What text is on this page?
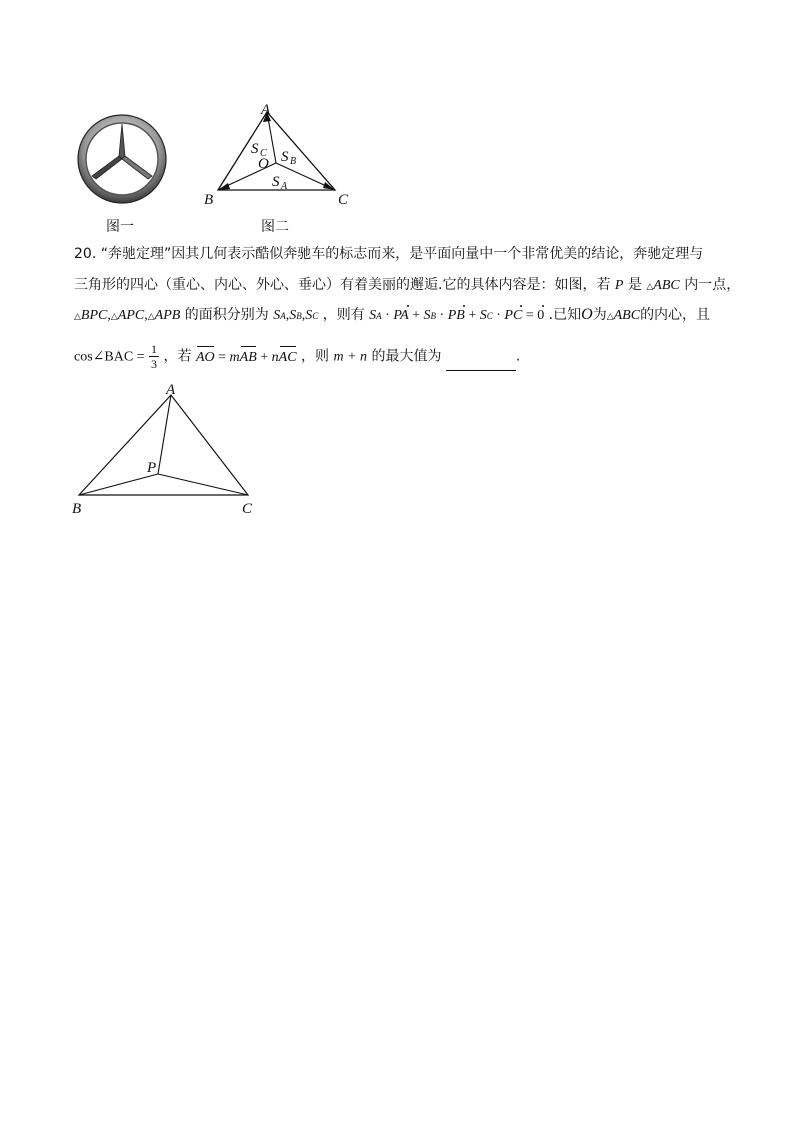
图一
A
B	C
O
S C S B
S A
图二
20. “奔驰定理”因其几何表示酷似奔驰车的标志而来，是平面向量中一个非常优美的结论，奔驰定理与
三角形的四心（重心、内心、外心、垂心）有着美丽的邂逅.它的具体内容是：如图，若 P 是 △ABC 内一点，
△BPC,△APC,△APB 的面积分别为 SA,SB,SC ，则有 SA · PA + SB · PB + SC · PC = 0 .已知O为△ABC的内心，且
cos∠BAC = $\frac{1}{3}$ ，若 AO = mAB + nAC ，则 m + n 的最大值为	.
A
B	C
P
